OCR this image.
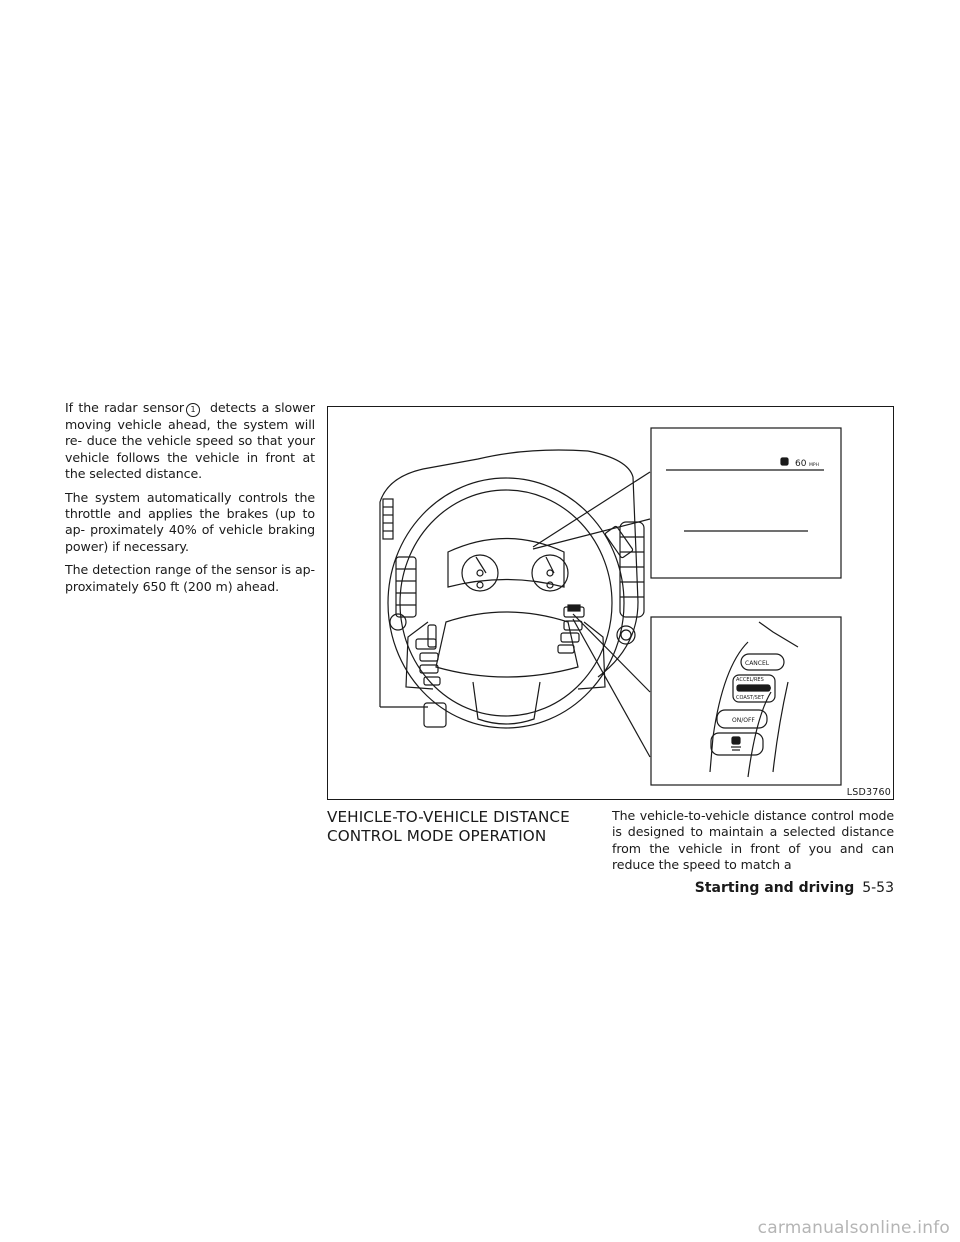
If the radar sensor 1 detects a slower moving vehicle ahead, the system will re- duce the vehicle speed so that your vehicle follows the vehicle in front at the selected distance.

The system automatically controls the throttle and applies the brakes (up to ap- proximately 40% of vehicle braking power) if necessary.

The detection range of the sensor is ap- proximately 650 ft (200 m) ahead.

60 MPH
CANCEL
ACCEL/RES
COAST/SET
ON/OFF
LSD3760
VEHICLE-TO-VEHICLE DISTANCE
CONTROL MODE OPERATION

The vehicle-to-vehicle distance control mode is designed to maintain a selected distance from the vehicle in front of you and can reduce the speed to match a

Starting and driving 5-53
carmanualsonline.info
